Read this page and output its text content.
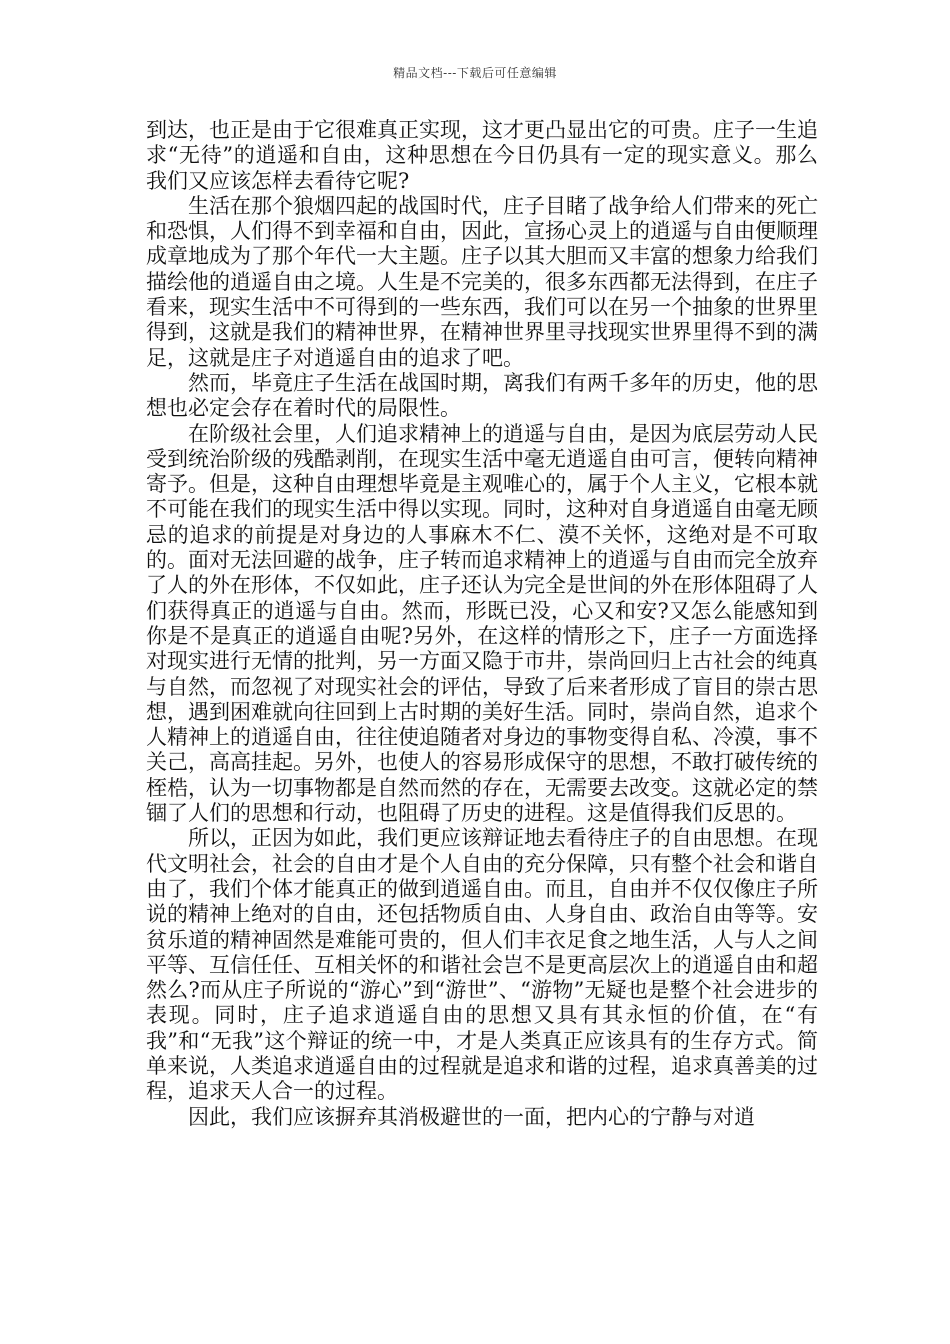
精品文档---下载后可任意编辑

到达，也正是由于它很难真正实现，这才更凸显出它的可贵。庄子一生追求“无待”的逍遥和自由，这种思想在今日仍具有一定的现实意义。那么我们又应该怎样去看待它呢?

生活在那个狼烟四起的战国时代，庄子目睹了战争给人们带来的死亡和恐惧，人们得不到幸福和自由，因此，宣扬心灵上的逍遥与自由便顺理成章地成为了那个年代一大主题。庄子以其大胆而又丰富的想象力给我们描绘他的逍遥自由之境。人生是不完美的，很多东西都无法得到，在庄子看来，现实生活中不可得到的一些东西，我们可以在另一个抽象的世界里得到，这就是我们的精神世界，在精神世界里寻找现实世界里得不到的满足，这就是庄子对逍遥自由的追求了吧。

然而，毕竟庄子生活在战国时期，离我们有两千多年的历史，他的思想也必定会存在着时代的局限性。

在阶级社会里，人们追求精神上的逍遥与自由，是因为底层劳动人民受到统治阶级的残酷剥削，在现实生活中毫无逍遥自由可言，便转向精神寄予。但是，这种自由理想毕竟是主观唯心的，属于个人主义，它根本就不可能在我们的现实生活中得以实现。同时，这种对自身逍遥自由毫无顾忌的追求的前提是对身边的人事麻木不仁、漠不关怀，这绝对是不可取的。面对无法回避的战争，庄子转而追求精神上的逍遥与自由而完全放弃了人的外在形体，不仅如此，庄子还认为完全是世间的外在形体阻碍了人们获得真正的逍遥与自由。然而，形既已没，心又和安?又怎么能感知到你是不是真正的逍遥自由呢?另外，在这样的情形之下，庄子一方面选择对现实进行无情的批判，另一方面又隐于市井，崇尚回归上古社会的纯真与自然，而忽视了对现实社会的评估，导致了后来者形成了盲目的崇古思想，遇到困难就向往回到上古时期的美好生活。同时，崇尚自然，追求个人精神上的逍遥自由，往往使追随者对身边的事物变得自私、冷漠，事不关己，高高挂起。另外，也使人的容易形成保守的思想，不敢打破传统的桎梏，认为一切事物都是自然而然的存在，无需要去改变。这就必定的禁锢了人们的思想和行动，也阻碍了历史的进程。这是值得我们反思的。

所以，正因为如此，我们更应该辩证地去看待庄子的自由思想。在现代文明社会，社会的自由才是个人自由的充分保障，只有整个社会和谐自由了，我们个体才能真正的做到逍遥自由。而且，自由并不仅仅像庄子所说的精神上绝对的自由，还包括物质自由、人身自由、政治自由等等。安贫乐道的精神固然是难能可贵的，但人们丰衣足食之地生活，人与人之间平等、互信任任、互相关怀的和谐社会岂不是更高层次上的逍遥自由和超然么?而从庄子所说的“游心”到“游世”、“游物”无疑也是整个社会进步的表现。同时，庄子追求逍遥自由的思想又具有其永恒的价值，在“有我”和“无我”这个辩证的统一中，才是人类真正应该具有的生存方式。简单来说，人类追求逍遥自由的过程就是追求和谐的过程，追求真善美的过程，追求天人合一的过程。

因此，我们应该摒弃其消极避世的一面，把内心的宁静与对逍
